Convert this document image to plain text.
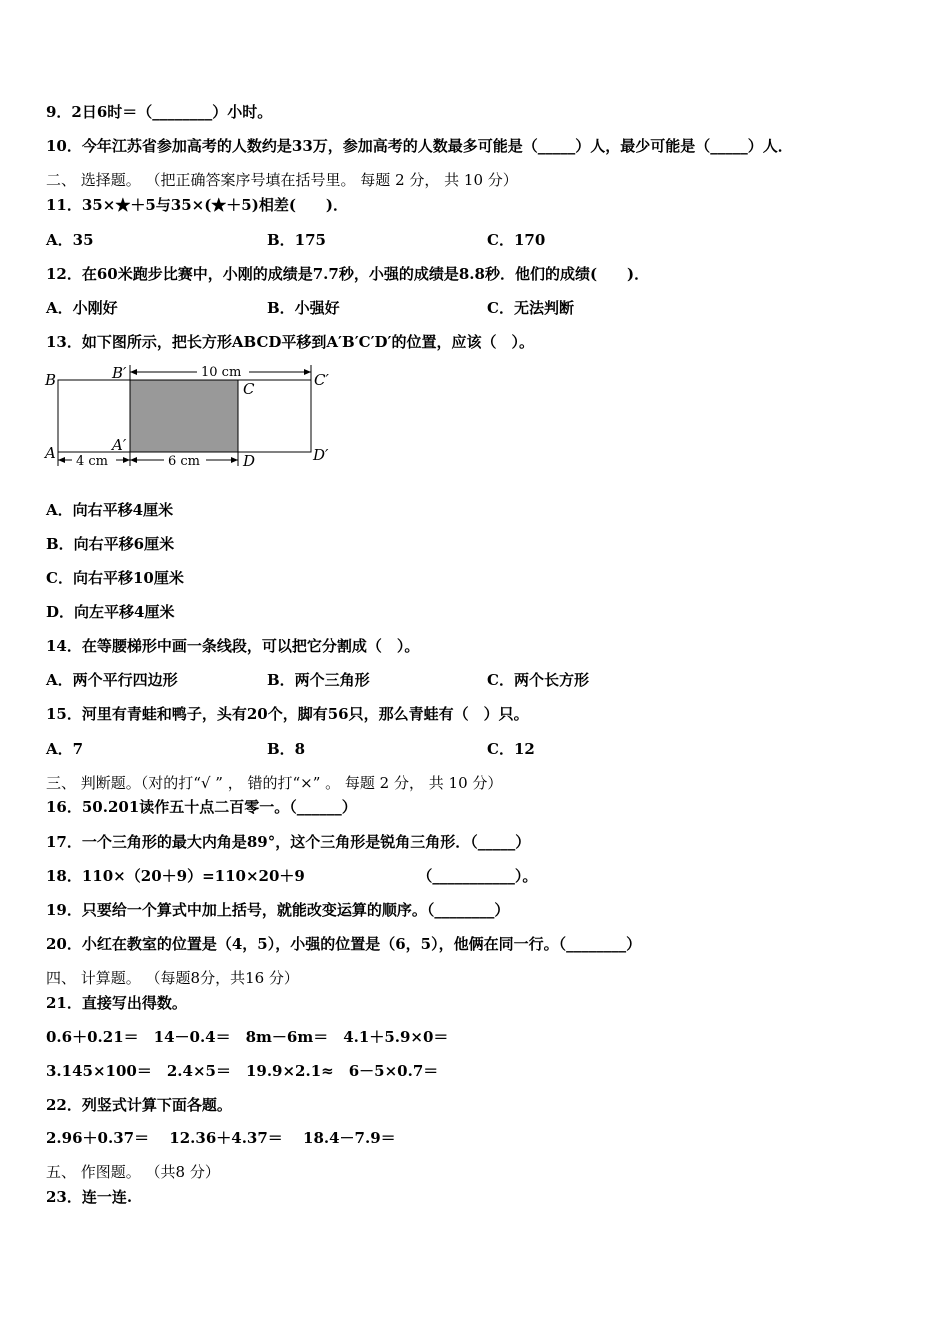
9．2日6时＝（________）小时。
10．今年江苏省参加高考的人数约是33万，参加高考的人数最多可能是（_____）人，最少可能是（_____）人．
二、 选择题。 （把正确答案序号填在括号里。 每题 2 分， 共 10 分）
11．35×★＋5与35×(★＋5)相差(　　)．
A．35	B．175	C．170
12．在60米跑步比赛中，小刚的成绩是7.7秒，小强的成绩是8.8秒．他们的成绩(　　)．
A．小刚好	B．小强好	C．无法判断
13．如下图所示，把长方形ABCD平移到A′B′C′D′的位置，应该（　）。
B	B′
C	C′
A	A′
D	D′
10 cm
4 cm	6 cm
A．向右平移4厘米
B．向右平移6厘米
C．向右平移10厘米
D．向左平移4厘米
14．在等腰梯形中画一条线段，可以把它分割成（　）。
A．两个平行四边形	B．两个三角形	C．两个长方形
15．河里有青蛙和鸭子，头有20个，脚有56只，那么青蛙有（　）只。
A．7	B．8	C．12
三、 判断题。（对的打“√ ” ， 错的打“×” 。 每题 2 分， 共 10 分）
16．50.201读作五十点二百零一。（______）
17．一个三角形的最大内角是89°，这个三角形是锐角三角形．（_____）
18．110×（20＋9）=110×20＋9　　　　　　　　（___________）。
19．只要给一个算式中加上括号，就能改变运算的顺序。（________）
20．小红在教室的位置是（4，5），小强的位置是（6，5），他俩在同一行。（________）
四、 计算题。 （每题8分，共16 分）
21．直接写出得数。
0.6＋0.21＝　14－0.4＝　8m－6m＝　4.1＋5.9×0＝
3.145×100＝　2.4×5＝　19.9×2.1≈　6－5×0.7＝
22．列竖式计算下面各题。
2.96＋0.37＝　 12.36＋4.37＝　 18.4－7.9＝
五、 作图题。 （共8 分）
23．连一连.
